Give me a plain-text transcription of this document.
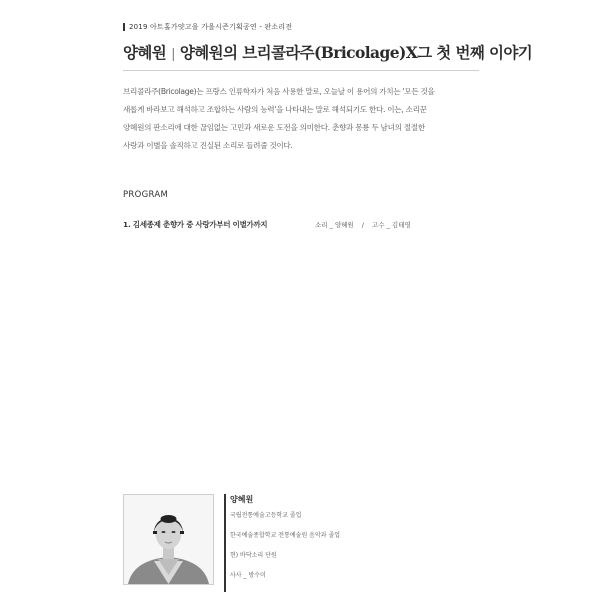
2019 아트홀가얏고을 가을시즌기획공연 - 판소리전
양혜원 | 양혜원의 브리콜라주(Bricolage)X그 첫 번째 이야기
브리콜라주(Bricolage)는 프랑스 인류학자가 처음 사용한 말로, 오늘날 이 용어의 가치는 '모든 것을
새롭게 바라보고 해석하고 조합하는 사람의 능력'을 나타내는 말로 해석되기도 한다. 이는, 소리꾼
양혜원의 판소리에 대한 끊임없는 고민과 새로운 도전을 의미한다. 춘향과 몽룡 두 남녀의 절절한
사랑과 이별을 솔직하고 진실된 소리로 들려줄 것이다.
PROGRAM
1. 김세종제 춘향가 중 사랑가부터 이별가까지	소리 _ 양혜원 / 고수 _ 김태영
양혜원
국립전통예술고등학교 졸업
한국예술종합학교 전통예술원 음악과 졸업
현) 바닥소리 단원
사사 _ 방수미
